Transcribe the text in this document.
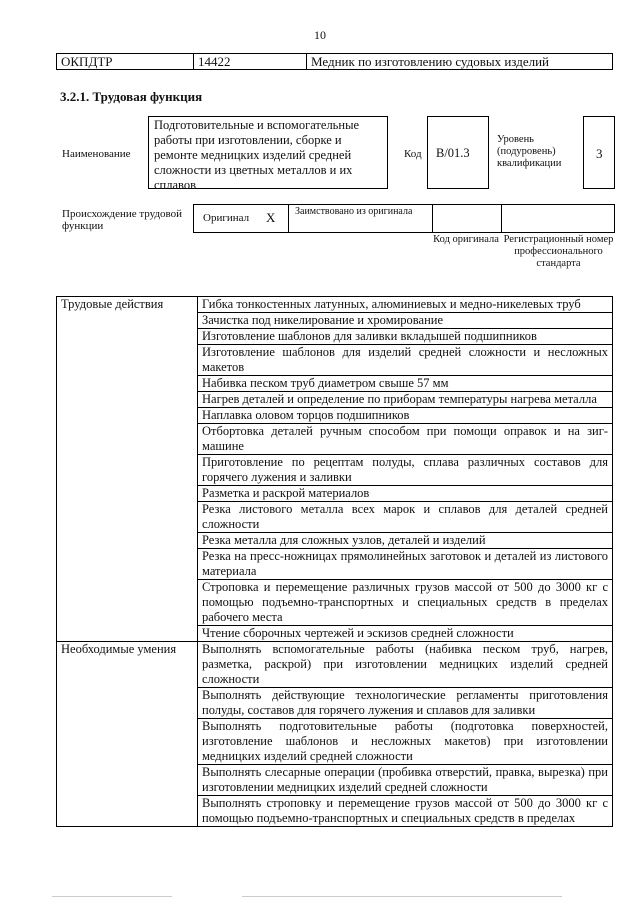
10
ОКПДТР	14422	Медник по изготовлению судовых изделий
3.2.1. Трудовая функция
Наименование
Подготовительные и вспомогательные работы при изготовлении, сборке и ремонте медницких изделий средней сложности из цветных металлов и их сплавов
Код	B/01.3
Уровень (подуровень) квалификации
3
Происхождение трудовой функции
Оригинал X	Заимствовано из оригинала
Код оригинала Регистрационный номер профессионального стандарта
Трудовые действия	Гибка тонкостенных латунных, алюминиевых и медно-никелевых труб
	Зачистка под никелирование и хромирование
	Изготовление шаблонов для заливки вкладышей подшипников
	Изготовление шаблонов для изделий средней сложности и несложных макетов
	Набивка песком труб диаметром свыше 57 мм
	Нагрев деталей и определение по приборам температуры нагрева металла
	Наплавка оловом торцов подшипников
	Отбортовка деталей ручным способом при помощи оправок и на зиг-машине
	Приготовление по рецептам полуды, сплава различных составов для горячего лужения и заливки
	Разметка и раскрой материалов
	Резка листового металла всех марок и сплавов для деталей средней сложности
	Резка металла для сложных узлов, деталей и изделий
	Резка на пресс-ножницах прямолинейных заготовок и деталей из листового материала
	Строповка и перемещение различных грузов массой от 500 до 3000 кг с помощью подъемно-транспортных и специальных средств в пределах рабочего места
	Чтение сборочных чертежей и эскизов средней сложности
Необходимые умения	Выполнять вспомогательные работы (набивка песком труб, нагрев, разметка, раскрой) при изготовлении медницких изделий средней сложности
	Выполнять действующие технологические регламенты приготовления полуды, составов для горячего лужения и сплавов для заливки
	Выполнять подготовительные работы (подготовка поверхностей, изготовление шаблонов и несложных макетов) при изготовлении медницких изделий средней сложности
	Выполнять слесарные операции (пробивка отверстий, правка, вырезка) при изготовлении медницких изделий средней сложности
	Выполнять строповку и перемещение грузов массой от 500 до 3000 кг с помощью подъемно-транспортных и специальных средств в пределах
